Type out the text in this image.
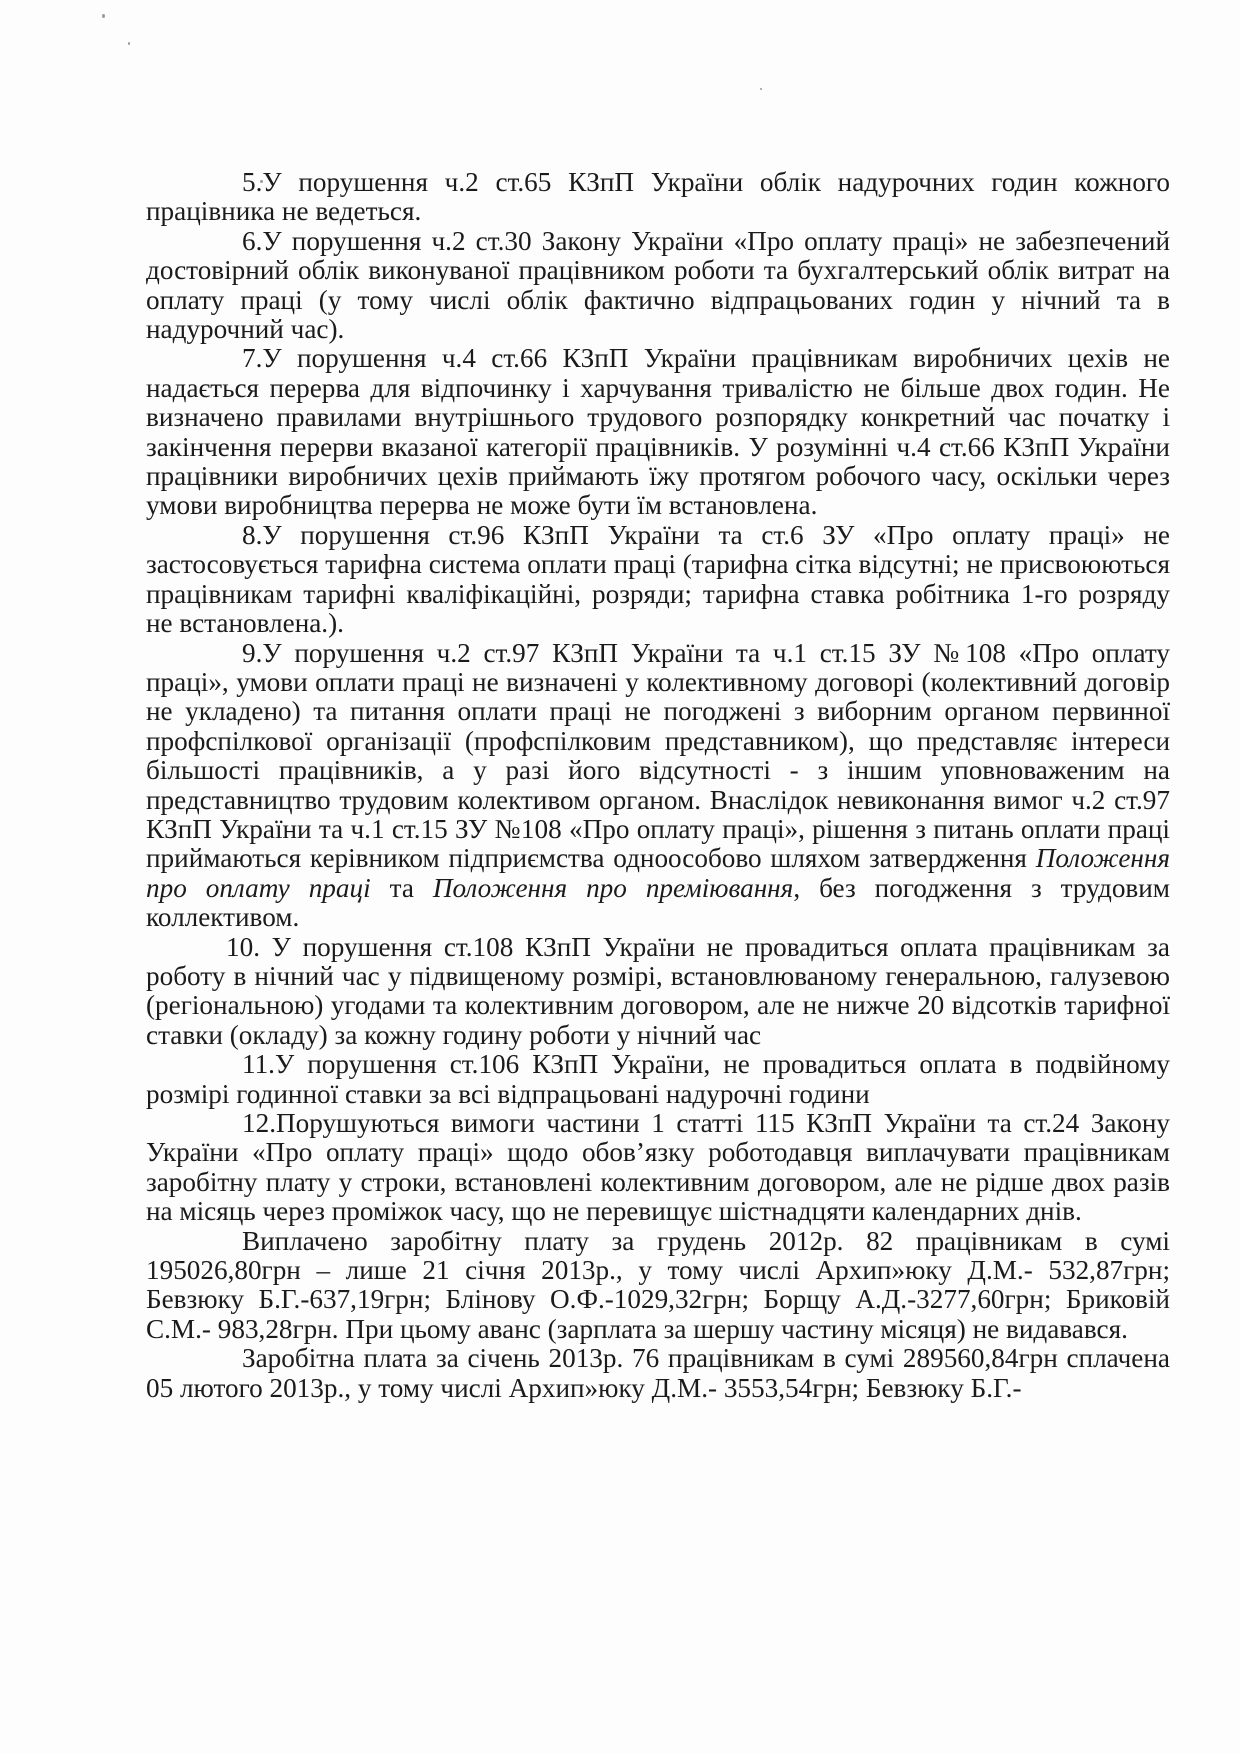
5.У порушення ч.2 ст.65 КЗпП України облік надурочних годин кожного працівника не ведеться.

6.У порушення ч.2 ст.30 Закону України «Про оплату праці» не забезпечений достовірний облік виконуваної працівником роботи та бухгалтерський облік витрат на оплату праці (у тому числі облік фактично відпрацьованих годин у нічний та в надурочний час).

7.У порушення ч.4 ст.66 КЗпП України працівникам виробничих цехів не надається перерва для відпочинку і харчування тривалістю не більше двох годин. Не визначено правилами внутрішнього трудового розпорядку конкретний час початку і закінчення перерви вказаної категорії працівників. У розумінні ч.4 ст.66 КЗпП України працівники виробничих цехів приймають їжу протягом робочого часу, оскільки через умови виробництва перерва не може бути їм встановлена.

8.У порушення ст.96 КЗпП України та ст.6 ЗУ «Про оплату праці» не застосовується тарифна система оплати праці (тарифна сітка відсутні; не присвоюються працівникам тарифні кваліфікаційні, розряди; тарифна ставка робітника 1-го розряду не встановлена.).

9.У порушення ч.2 ст.97 КЗпП України та ч.1 ст.15 ЗУ №108 «Про оплату праці», умови оплати праці не визначені у колективному договорі (колективний договір не укладено) та питання оплати праці не погоджені з виборним органом первинної профспілкової організації (профспілковим представником), що представляє інтереси більшості працівників, а у разі його відсутності - з іншим уповноваженим на представництво трудовим колективом органом. Внаслідок невиконання вимог ч.2 ст.97 КЗпП України та ч.1 ст.15 ЗУ №108 «Про оплату праці», рішення з питань оплати праці приймаються керівником підприємства одноособово шляхом затвердження Положення про оплату праці та Положення про преміювання, без погодження з трудовим коллективом.

10. У порушення ст.108 КЗпП України не провадиться оплата працівникам за роботу в нічний час у підвищеному розмірі, встановлюваному генеральною, галузевою (регіональною) угодами та колективним договором, але не нижче 20 відсотків тарифної ставки (окладу) за кожну годину роботи у нічний час

11.У порушення ст.106 КЗпП України, не провадиться оплата в подвійному розмірі годинної ставки за всі відпрацьовані надурочні години

12.Порушуються вимоги частини 1 статті 115 КЗпП України та ст.24 Закону України «Про оплату праці» щодо обов’язку роботодавця виплачувати працівникам заробітну плату у строки, встановлені колективним договором, але не рідше двох разів на місяць через проміжок часу, що не перевищує шістнадцяти календарних днів.

Виплачено заробітну плату за грудень 2012р. 82 працівникам в сумі 195026,80грн – лише 21 січня 2013р., у тому числі Архип»юку Д.М.- 532,87грн; Бевзюку Б.Г.-637,19грн; Блінову О.Ф.-1029,32грн; Борщу А.Д.-3277,60грн; Бриковій С.М.- 983,28грн. При цьому аванс (зарплата за шершу частину місяця) не видавався.

Заробітна плата за січень 2013р. 76 працівникам в сумі 289560,84грн сплачена 05 лютого 2013р., у тому числі Архип»юку Д.М.- 3553,54грн; Бевзюку Б.Г.-
